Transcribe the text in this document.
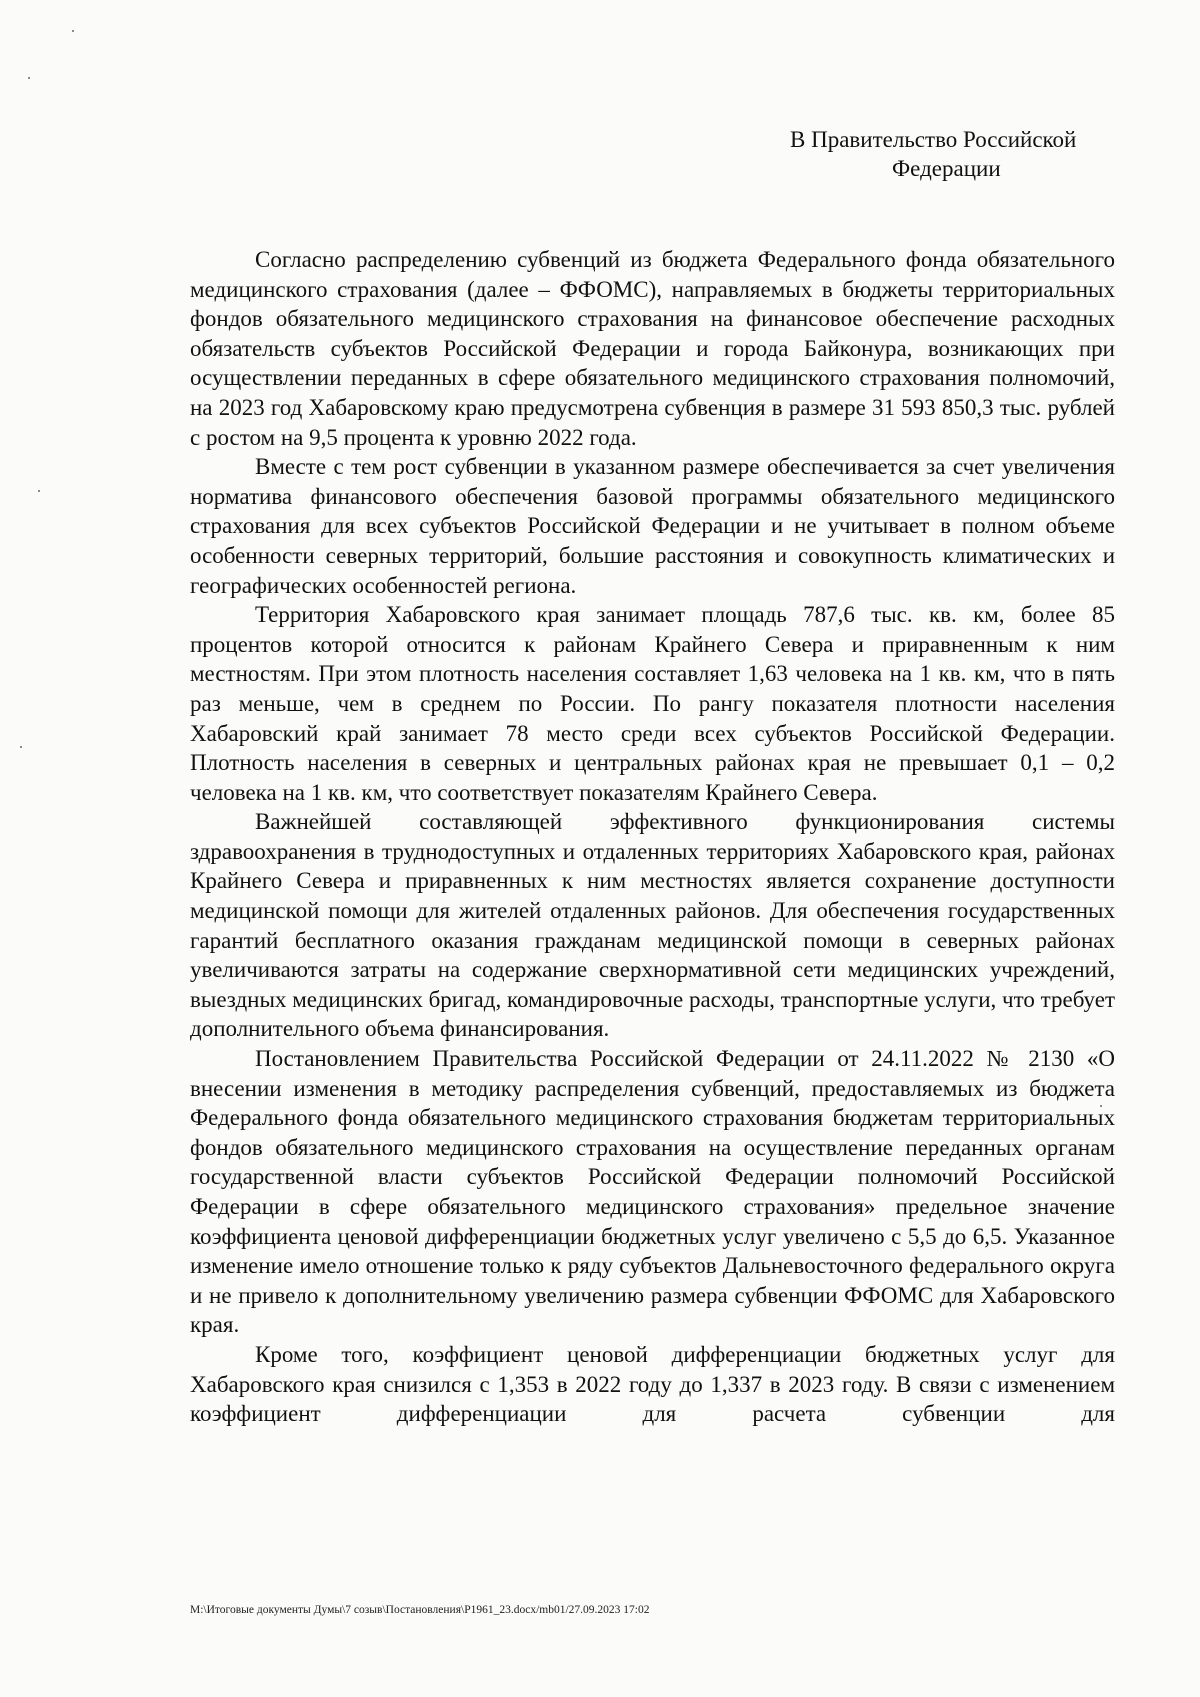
В Правительство Российской
Федерации

Согласно распределению субвенций из бюджета Федерального фонда обязательного медицинского страхования (далее – ФФОМС), направляемых в бюджеты территориальных фондов обязательного медицинского страхования на финансовое обеспечение расходных обязательств субъектов Российской Федерации и города Байконура, возникающих при осуществлении переданных в сфере обязательного медицинского страхования полномочий, на 2023 год Хабаровскому краю предусмотрена субвенция в размере 31 593 850,3 тыс. рублей с ростом на 9,5 процента к уровню 2022 года.

Вместе с тем рост субвенции в указанном размере обеспечивается за счет увеличения норматива финансового обеспечения базовой программы обязательного медицинского страхования для всех субъектов Российской Федерации и не учитывает в полном объеме особенности северных территорий, большие расстояния и совокупность климатических и географических особенностей региона.

Территория Хабаровского края занимает площадь 787,6 тыс. кв. км, более 85 процентов которой относится к районам Крайнего Севера и приравненным к ним местностям. При этом плотность населения составляет 1,63 человека на 1 кв. км, что в пять раз меньше, чем в среднем по России. По рангу показателя плотности населения Хабаровский край занимает 78 место среди всех субъектов Российской Федерации. Плотность населения в северных и центральных районах края не превышает 0,1 – 0,2 человека на 1 кв. км, что соответствует показателям Крайнего Севера.

Важнейшей составляющей эффективного функционирования системы здравоохранения в труднодоступных и отдаленных территориях Хабаровского края, районах Крайнего Севера и приравненных к ним местностях является сохранение доступности медицинской помощи для жителей отдаленных районов. Для обеспечения государственных гарантий бесплатного оказания гражданам медицинской помощи в северных районах увеличиваются затраты на содержание сверхнормативной сети медицинских учреждений, выездных медицинских бригад, командировочные расходы, транспортные услуги, что требует дополнительного объема финансирования.

Постановлением Правительства Российской Федерации от 24.11.2022 № 2130 «О внесении изменения в методику распределения субвенций, предоставляемых из бюджета Федерального фонда обязательного медицинского страхования бюджетам территориальных фондов обязательного медицинского страхования на осуществление переданных органам государственной власти субъектов Российской Федерации полномочий Российской Федерации в сфере обязательного медицинского страхования» предельное значение коэффициента ценовой дифференциации бюджетных услуг увеличено с 5,5 до 6,5. Указанное изменение имело отношение только к ряду субъектов Дальневосточного федерального округа и не привело к дополнительному увеличению размера субвенции ФФОМС для Хабаровского края.

Кроме того, коэффициент ценовой дифференциации бюджетных услуг для Хабаровского края снизился с 1,353 в 2022 году до 1,337 в 2023 году. В связи с изменением коэффициент дифференциации для расчета субвенции для

M:\Итоговые документы Думы\7 созыв\Постановления\P1961_23.docx/mb01/27.09.2023 17:02
